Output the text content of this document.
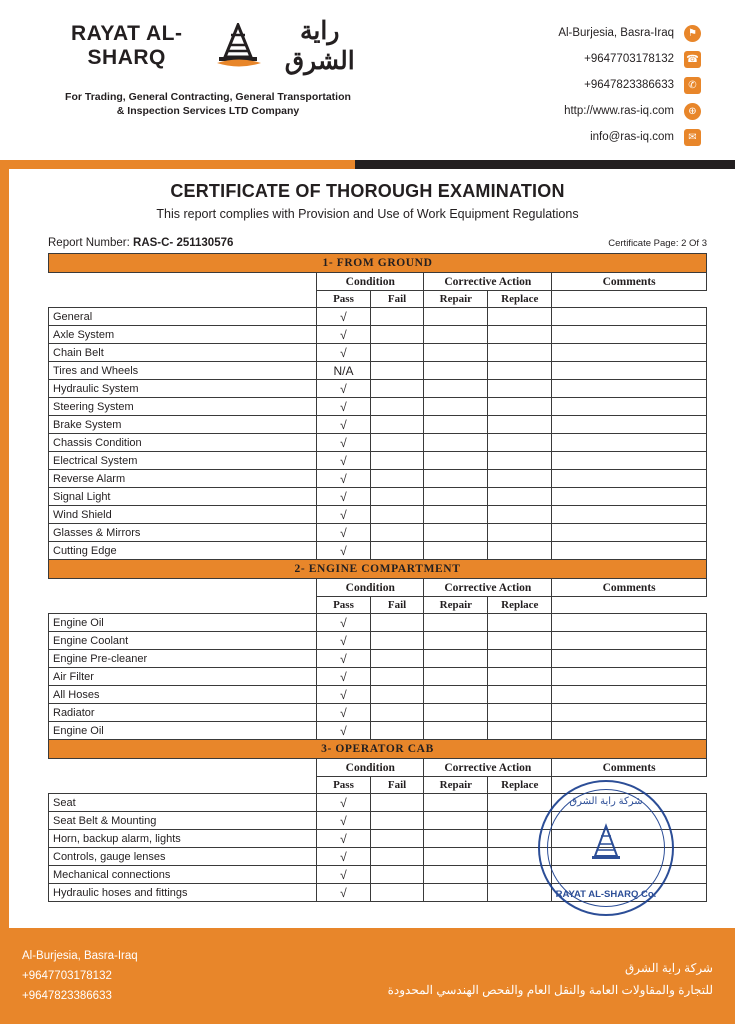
RAYAT AL-SHARQ
راية الشرق
For Trading, General Contracting, General Transportation
& Inspection Services LTD Company
Al-Burjesia, Basra-Iraq	⚑
+9647703178132 ☎
+9647823386633	✆
http://www.ras-iq.com	⊕
info@ras-iq.com	✉
CERTIFICATE OF THOROUGH EXAMINATION
This report complies with Provision and Use of Work Equipment Regulations
Report Number: RAS-C- 251130576	Certificate Page: 2 Of 3
1- FROM GROUND					
	Condition		Corrective Action		Comments
	Pass	Fail	Repair	Replace	
General	√				
Axle System	√				
Chain Belt	√				
Tires and Wheels	N/A				
Hydraulic System	√				
Steering System	√				
Brake System	√				
Chassis Condition	√				
Electrical System	√				
Reverse Alarm	√				
Signal Light	√				
Wind Shield	√				
Glasses & Mirrors	√				
Cutting Edge	√				
2- ENGINE COMPARTMENT					
	Condition		Corrective Action		Comments
	Pass	Fail	Repair	Replace	
Engine Oil	√				
Engine Coolant	√				
Engine Pre-cleaner	√				
Air Filter	√				
All Hoses	√				
Radiator	√				
Engine Oil	√				
3- OPERATOR CAB					
	Condition		Corrective Action		Comments
	Pass	Fail	Repair	Replace	
Seat	√				
Seat Belt & Mounting	√				
Horn, backup alarm, lights	√				
Controls, gauge lenses	√				
Mechanical connections	√				
Hydraulic hoses and fittings	√				
شركة راية الشرق
RAYAT AL-SHARQ Co.
Al-Burjesia, Basra-Iraq
+9647703178132
+9647823386633
شركة راية الشرق
للتجارة والمقاولات العامة والنقل العام والفحص الهندسي المحدودة
